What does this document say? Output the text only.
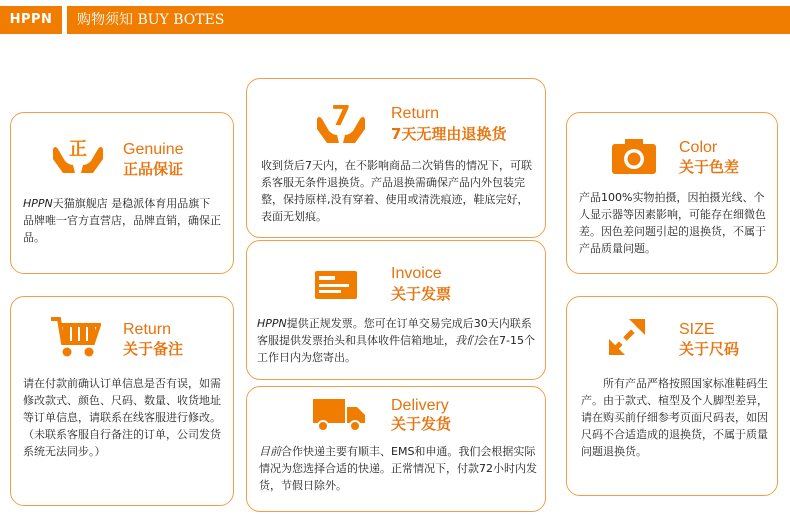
HPPN	购物须知 BUY BOTES
正 Genuine
正品保证
HPPN天猫旗舰店 是稳派体育用品旗下
品牌唯一官方直营店，品牌直销，确保正品。
7	Return
7天无理由退换货
收到货后7天内，在不影响商品二次销售的情况下，可联系客服无条件退换货。产品退换需确保产品内外包装完整，保持原样,没有穿着、使用或清洗痕迹，鞋底完好，表面无划痕。
Color
关于色差
产品100%实物拍摄，因拍摄光线、个人显示器等因素影响，可能存在细微色差。因色差问题引起的退换货，不属于产品质量问题。
Invoice
关于发票
HPPN提供正规发票。您可在订单交易完成后30天内联系客服提供发票抬头和具体收件信箱地址，我们会在7-15个工作日内为您寄出。
Return
关于备注
请在付款前确认订单信息是否有误，如需修改款式、颜色、尺码、数量、收货地址等订单信息，请联系在线客服进行修改。（未联系客服自行备注的订单，公司发货系统无法同步。）
Delivery
关于发货
目前合作快递主要有顺丰、EMS和申通。我们会根据实际情况为您选择合适的快递。正常情况下，付款72小时内发货，节假日除外。
SIZE
关于尺码
所有产品严格按照国家标准鞋码生产。由于款式、楦型及个人脚型差异，请在购买前仔细参考页面尺码表，如因尺码不合适造成的退换货，不属于质量问题退换货。
